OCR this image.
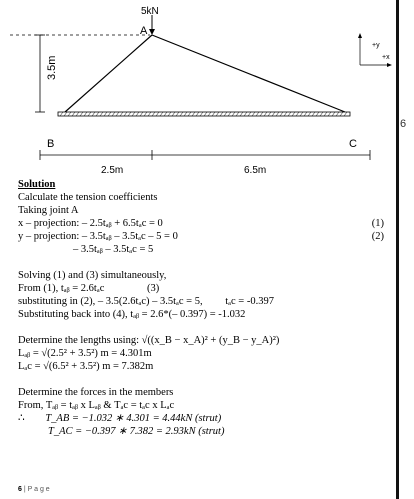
6
5kN
A
B	C
3.5m
2.5m	6.5m
+y
+x
Solution
Calculate the tension coefficients
Taking joint A
x – projection: – 2.5tₐᵦ + 6.5tₐc = 0	(1)
y – projection: – 3.5tₐᵦ – 3.5tₐc – 5 = 0	(2)
– 3.5tₐᵦ – 3.5tₐc = 5
Solving (1) and (3) simultaneously,
From (1), tₐᵦ = 2.6tₐc	(3)
substituting in (2), – 3.5(2.6tₐc) – 3.5tₐc = 5, tₐc = -0.397
Substituting back into (4), tₐᵦ = 2.6*(– 0.397) = -1.032
Determine the lengths using: √((x_B − x_A)² + (y_B − y_A)²)
Lₐᵦ = √(2.5² + 3.5²) m = 4.301m
Lₐc = √(6.5² + 3.5²) m = 7.382m
Determine the forces in the members
From, Tₐᵦ = tₐᵦ x Lₐᵦ & Tₐc = tₐc x Lₐc
∴ T_AB = −1.032 ∗ 4.301 = 4.44kN (strut)
T_AC = −0.397 ∗ 7.382 = 2.93kN (strut)
6 | P a g e
